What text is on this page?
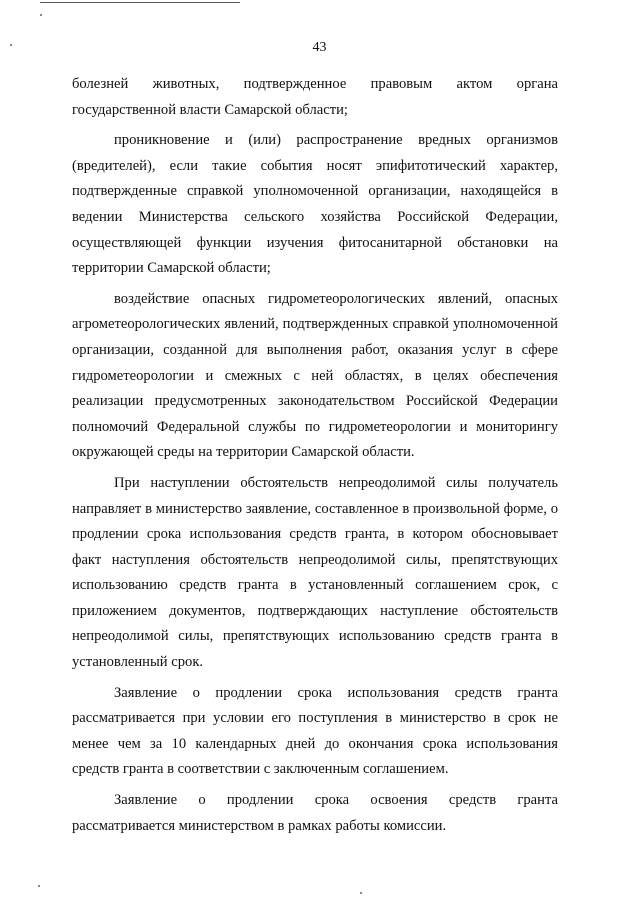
43

болезней животных, подтвержденное правовым актом органа государственной власти Самарской области;

проникновение и (или) распространение вредных организмов (вредителей), если такие события носят эпифитотический характер, подтвержденные справкой уполномоченной организации, находящейся в ведении Министерства сельского хозяйства Российской Федерации, осуществляющей функции изучения фитосанитарной обстановки на территории Самарской области;

воздействие опасных гидрометеорологических явлений, опасных агрометеорологических явлений, подтвержденных справкой уполномоченной организации, созданной для выполнения работ, оказания услуг в сфере гидрометеорологии и смежных с ней областях, в целях обеспечения реализации предусмотренных законодательством Российской Федерации полномочий Федеральной службы по гидрометеорологии и мониторингу окружающей среды на территории Самарской области.

При наступлении обстоятельств непреодолимой силы получатель направляет в министерство заявление, составленное в произвольной форме, о продлении срока использования средств гранта, в котором обосновывает факт наступления обстоятельств непреодолимой силы, препятствующих использованию средств гранта в установленный соглашением срок, с приложением документов, подтверждающих наступление обстоятельств непреодолимой силы, препятствующих использованию средств гранта в установленный срок.

Заявление о продлении срока использования средств гранта рассматривается при условии его поступления в министерство в срок не менее чем за 10 календарных дней до окончания срока использования средств гранта в соответствии с заключенным соглашением.

Заявление о продлении срока освоения средств гранта рассматривается министерством в рамках работы комиссии.
